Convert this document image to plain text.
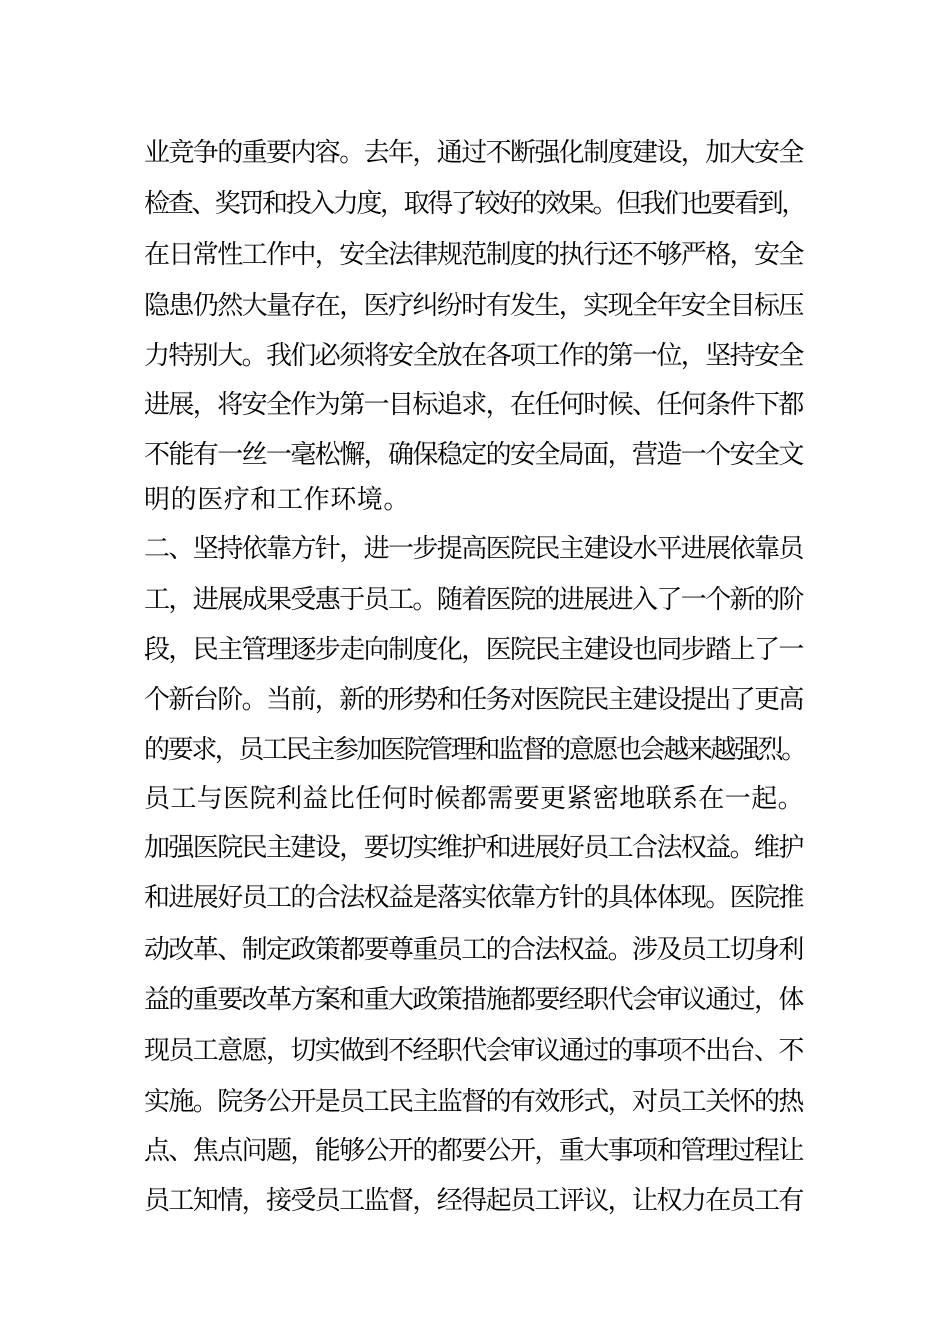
业竞争的重要内容。去年，通过不断强化制度建设，加大安全
检查、奖罚和投入力度，取得了较好的效果。但我们也要看到，
在日常性工作中，安全法律规范制度的执行还不够严格，安全
隐患仍然大量存在，医疗纠纷时有发生，实现全年安全目标压
力特别大。我们必须将安全放在各项工作的第一位，坚持安全
进展，将安全作为第一目标追求，在任何时候、任何条件下都
不能有一丝一毫松懈，确保稳定的安全局面，营造一个安全文
明的医疗和工作环境。
二、坚持依靠方针，进一步提高医院民主建设水平进展依靠员
工，进展成果受惠于员工。随着医院的进展进入了一个新的阶
段，民主管理逐步走向制度化，医院民主建设也同步踏上了一
个新台阶。当前，新的形势和任务对医院民主建设提出了更高
的要求，员工民主参加医院管理和监督的意愿也会越来越强烈。
员工与医院利益比任何时候都需要更紧密地联系在一起。
加强医院民主建设，要切实维护和进展好员工合法权益。维护
和进展好员工的合法权益是落实依靠方针的具体体现。医院推
动改革、制定政策都要尊重员工的合法权益。涉及员工切身利
益的重要改革方案和重大政策措施都要经职代会审议通过，体
现员工意愿，切实做到不经职代会审议通过的事项不出台、不
实施。院务公开是员工民主监督的有效形式，对员工关怀的热
点、焦点问题，能够公开的都要公开，重大事项和管理过程让
员工知情，接受员工监督，经得起员工评议，让权力在员工有
